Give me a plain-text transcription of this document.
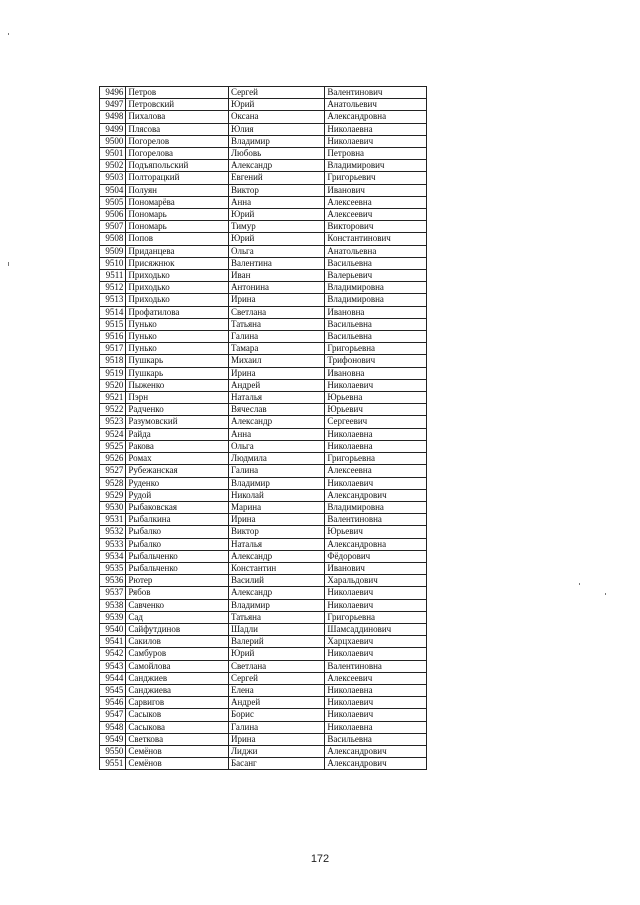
9496	Петров	Сергей	Валентинович
9497	Петровский	Юрий	Анатольевич
9498	Пихалова	Оксана	Александровна
9499	Плясова	Юлия	Николаевна
9500	Погорелов	Владимир	Николаевич
9501	Погорелова	Любовь	Петровна
9502	Подъяпольский	Александр	Владимирович
9503	Полторацкий	Евгений	Григорьевич
9504	Полуян	Виктор	Иванович
9505	Пономарёва	Анна	Алексеевна
9506	Пономарь	Юрий	Алексеевич
9507	Пономарь	Тимур	Викторович
9508	Попов	Юрий	Константинович
9509	Приданцева	Ольга	Анатольевна
9510	Присяжнюк	Валентина	Васильевна
9511	Приходько	Иван	Валерьевич
9512	Приходько	Антонина	Владимировна
9513	Приходько	Ирина	Владимировна
9514	Профатилова	Светлана	Ивановна
9515	Пунько	Татьяна	Васильевна
9516	Пунько	Галина	Васильевна
9517	Пунько	Тамара	Григорьевна
9518	Пушкарь	Михаил	Трифонович
9519	Пушкарь	Ирина	Ивановна
9520	Пыженко	Андрей	Николаевич
9521	Пэрн	Наталья	Юрьевна
9522	Радченко	Вячеслав	Юрьевич
9523	Разумовский	Александр	Сергеевич
9524	Райда	Анна	Николаевна
9525	Ракова	Ольга	Николаевна
9526	Ромах	Людмила	Григорьевна
9527	Рубежанская	Галина	Алексеевна
9528	Руденко	Владимир	Николаевич
9529	Рудой	Николай	Александрович
9530	Рыбаковская	Марина	Владимировна
9531	Рыбалкина	Ирина	Валентиновна
9532	Рыбалко	Виктор	Юрьевич
9533	Рыбалко	Наталья	Александровна
9534	Рыбальченко	Александр	Фёдорович
9535	Рыбальченко	Константин	Иванович
9536	Рютер	Василий	Харальдович
9537	Рябов	Александр	Николаевич
9538	Савченко	Владимир	Николаевич
9539	Сад	Татьяна	Григорьевна
9540	Сайфутдинов	Шадли	Шамсаддинович
9541	Сакилов	Валерий	Харцхаевич
9542	Самбуров	Юрий	Николаевич
9543	Самойлова	Светлана	Валентиновна
9544	Санджиев	Сергей	Алексеевич
9545	Санджиева	Елена	Николаевна
9546	Сарвигов	Андрей	Николаевич
9547	Сасыков	Борис	Николаевич
9548	Сасыкова	Галина	Николаевна
9549	Светкова	Ирина	Васильевна
9550	Семёнов	Лиджи	Александрович
9551	Семёнов	Басанг	Александрович
172
